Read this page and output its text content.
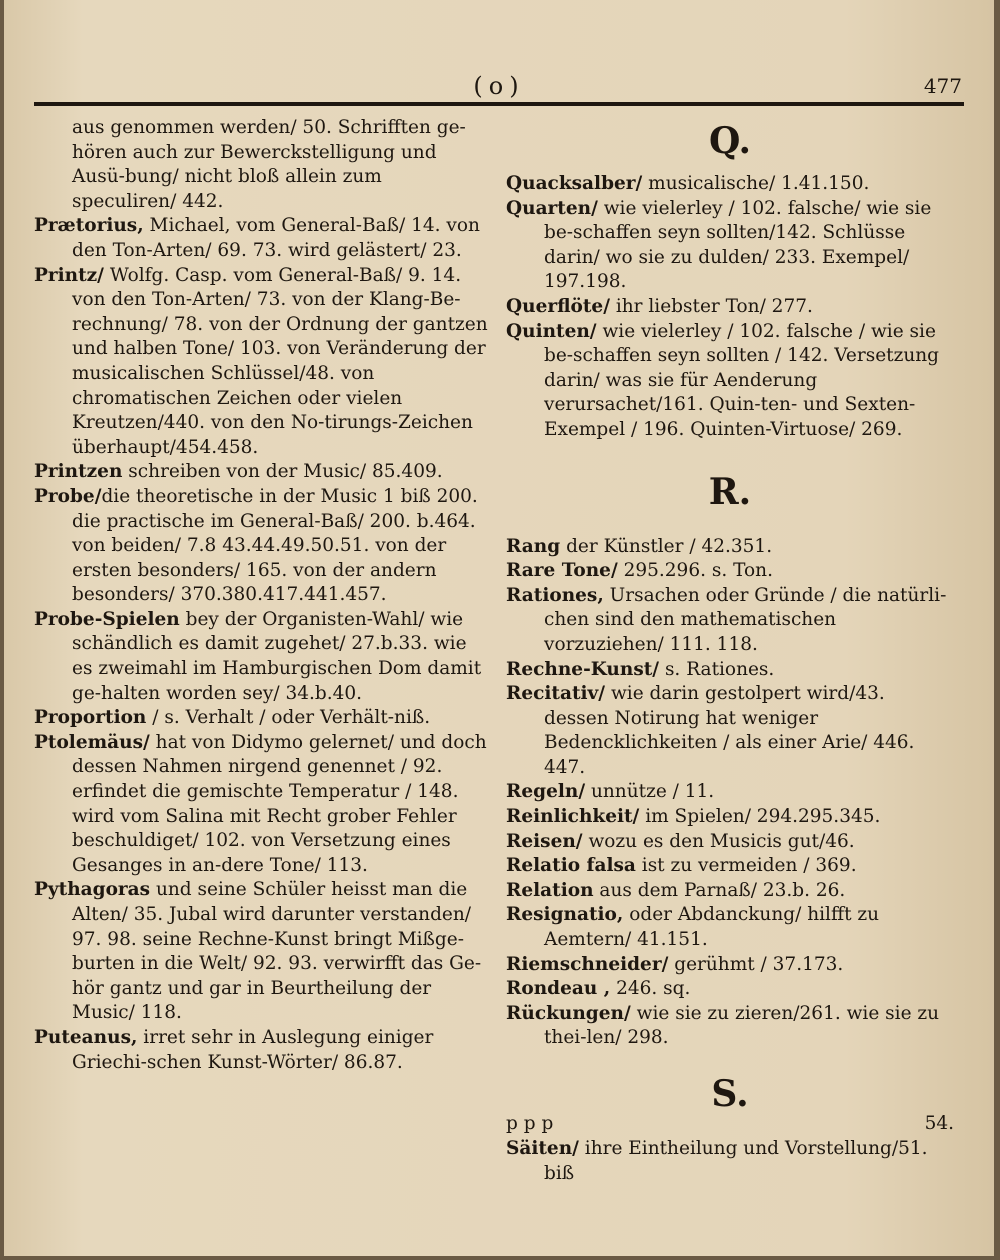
(o)	477
aus genommen werden/ 50. Schrifften ge-hören auch zur Bewerckstelligung und Ausü-bung/ nicht bloß allein zum speculiren/ 442.
Prætorius, Michael, vom General-Baß/ 14. von den Ton-Arten/ 69. 73. wird gelästert/ 23.
Printz/ Wolfg. Casp. vom General-Baß/ 9. 14. von den Ton-Arten/ 73. von der Klang-Be-rechnung/ 78. von der Ordnung der gantzen und halben Tone/ 103. von Veränderung der musicalischen Schlüssel/48. von chromatischen Zeichen oder vielen Kreutzen/440. von den No-tirungs-Zeichen überhaupt/454.458.
Printzen schreiben von der Music/ 85.409.
Probe/die theoretische in der Music 1 biß 200. die practische im General-Baß/ 200. b.464. von beiden/ 7.8 43.44.49.50.51. von der ersten besonders/ 165. von der andern besonders/ 370.380.417.441.457.
Probe-Spielen bey der Organisten-Wahl/ wie schändlich es damit zugehet/ 27.b.33. wie es zweimahl im Hamburgischen Dom damit ge-halten worden sey/ 34.b.40.
Proportion / s. Verhalt / oder Verhält-niß.
Ptolemäus/ hat von Didymo gelernet/ und doch dessen Nahmen nirgend genennet / 92. erfindet die gemischte Temperatur / 148. wird vom Salina mit Recht grober Fehler beschuldiget/ 102. von Versetzung eines Gesanges in an-dere Tone/ 113.
Pythagoras und seine Schüler heisst man die Alten/ 35. Jubal wird darunter verstanden/ 97. 98. seine Rechne-Kunst bringt Mißge-burten in die Welt/ 92. 93. verwirfft das Ge-hör gantz und gar in Beurtheilung der Music/ 118.
Puteanus, irret sehr in Auslegung einiger Griechi-schen Kunst-Wörter/ 86.87.
Q.
Quacksalber/ musicalische/ 1.41.150.
Quarten/ wie vielerley / 102. falsche/ wie sie be-schaffen seyn sollten/142. Schlüsse darin/ wo sie zu dulden/ 233. Exempel/ 197.198.
Querflöte/ ihr liebster Ton/ 277.
Quinten/ wie vielerley / 102. falsche / wie sie be-schaffen seyn sollten / 142. Versetzung darin/ was sie für Aenderung verursachet/161. Quin-ten- und Sexten-Exempel / 196. Quinten-Virtuose/ 269.
R.
Rang der Künstler / 42.351.
Rare Tone/ 295.296. s. Ton.
Rationes, Ursachen oder Gründe / die natürli-chen sind den mathematischen vorzuziehen/ 111. 118.
Rechne-Kunst/ s. Rationes.
Recitativ/ wie darin gestolpert wird/43. dessen Notirung hat weniger Bedencklichkeiten / als einer Arie/ 446. 447.
Regeln/ unnütze / 11.
Reinlichkeit/ im Spielen/ 294.295.345.
Reisen/ wozu es den Musicis gut/46.
Relatio falsa ist zu vermeiden / 369.
Relation aus dem Parnaß/ 23.b. 26.
Resignatio, oder Abdanckung/ hilfft zu Aemtern/ 41.151.
Riemschneider/ gerühmt / 37.173.
Rondeau , 246. sq.
Rückungen/ wie sie zu zieren/261. wie sie zu thei-len/ 298.
S.
Säiten/ ihre Eintheilung und Vorstellung/51. biß
p p p	54.
